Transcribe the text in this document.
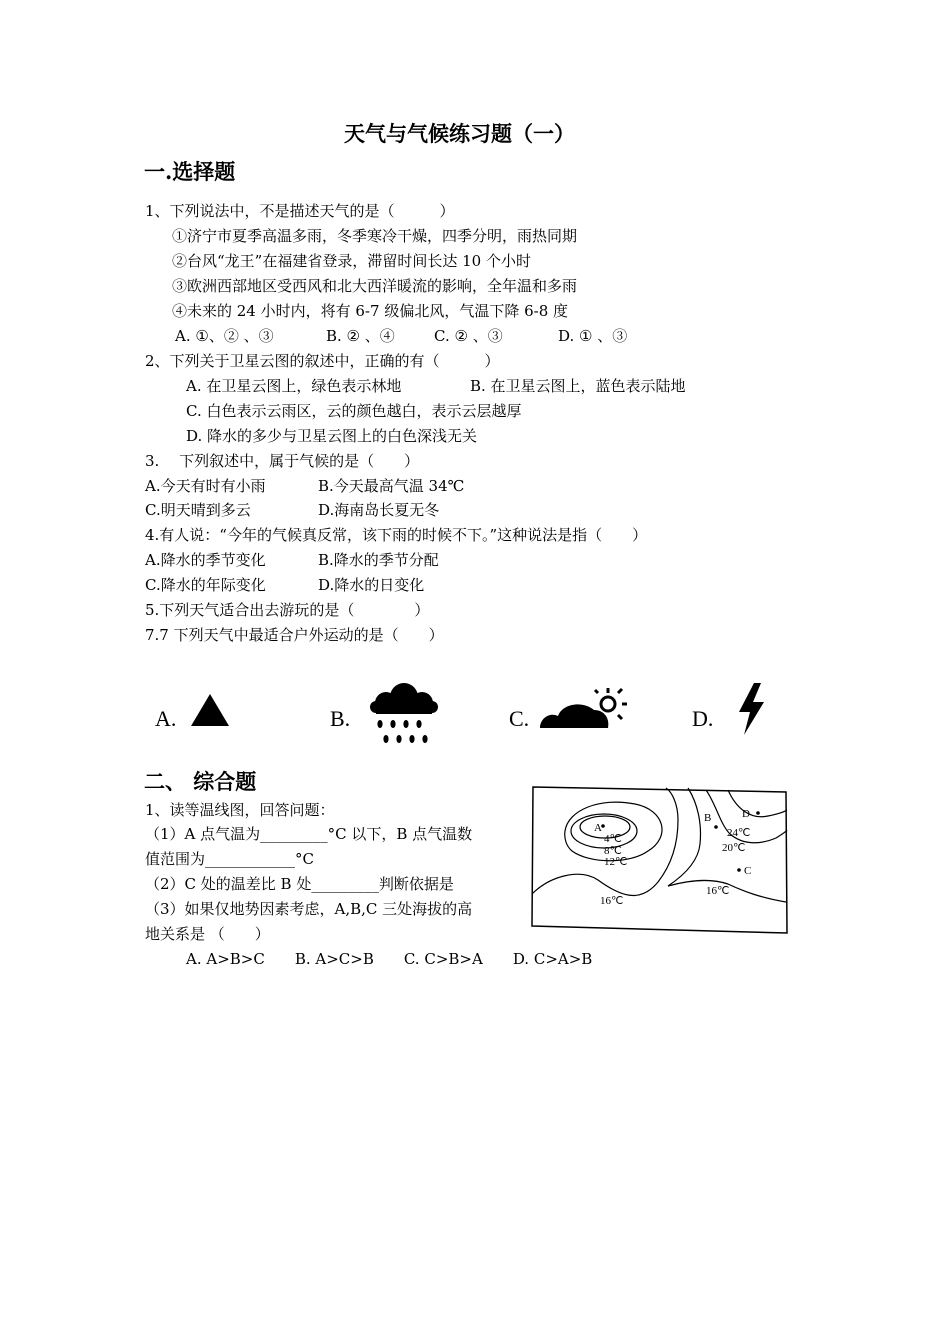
天气与气候练习题（一）
一.选择题
1、下列说法中，不是描述天气的是（　　　）
①济宁市夏季高温多雨，冬季寒冷干燥，四季分明，雨热同期
②台风“龙王”在福建省登录，滞留时间长达 10 个小时
③欧洲西部地区受西风和北大西洋暖流的影响，全年温和多雨
④未来的 24 小时内，将有 6-7 级偏北风，气温下降 6-8 度
A. ①、② 、③	B. ② 、④	C. ② 、③	D. ① 、③
2、下列关于卫星云图的叙述中，正确的有（　　　）
A. 在卫星云图上，绿色表示林地	B. 在卫星云图上，蓝色表示陆地
C. 白色表示云雨区，云的颜色越白，表示云层越厚
D. 降水的多少与卫星云图上的白色深浅无关
3.　 下列叙述中，属于气候的是（　　）
A.今天有时有小雨	B.今天最高气温 34℃
C.明天晴到多云	D.海南岛长夏无冬
4.有人说：“今年的气候真反常，该下雨的时候不下。”这种说法是指（　　）
A.降水的季节变化	B.降水的季节分配
C.降水的年际变化	D.降水的日变化
5.下列天气适合出去游玩的是（　　　　）
7.7 下列天气中最适合户外运动的是（　　）
A.	B.	C.	D.
二、 综合题
1、读等温线图，回答问题：
（1）A 点气温为_________°C 以下，B 点气温数
值范围为____________°C
（2）C 处的温差比 B 处_________判断依据是
（3）如果仅地势因素考虑，A,B,C 三处海拔的高
地关系是 （　　）
A. A>B>C　　B. A>C>B　　C. C>B>A　　D. C>A>B
A
4℃
8℃
12℃
16℃
B	D
24℃
20℃
C
16℃
